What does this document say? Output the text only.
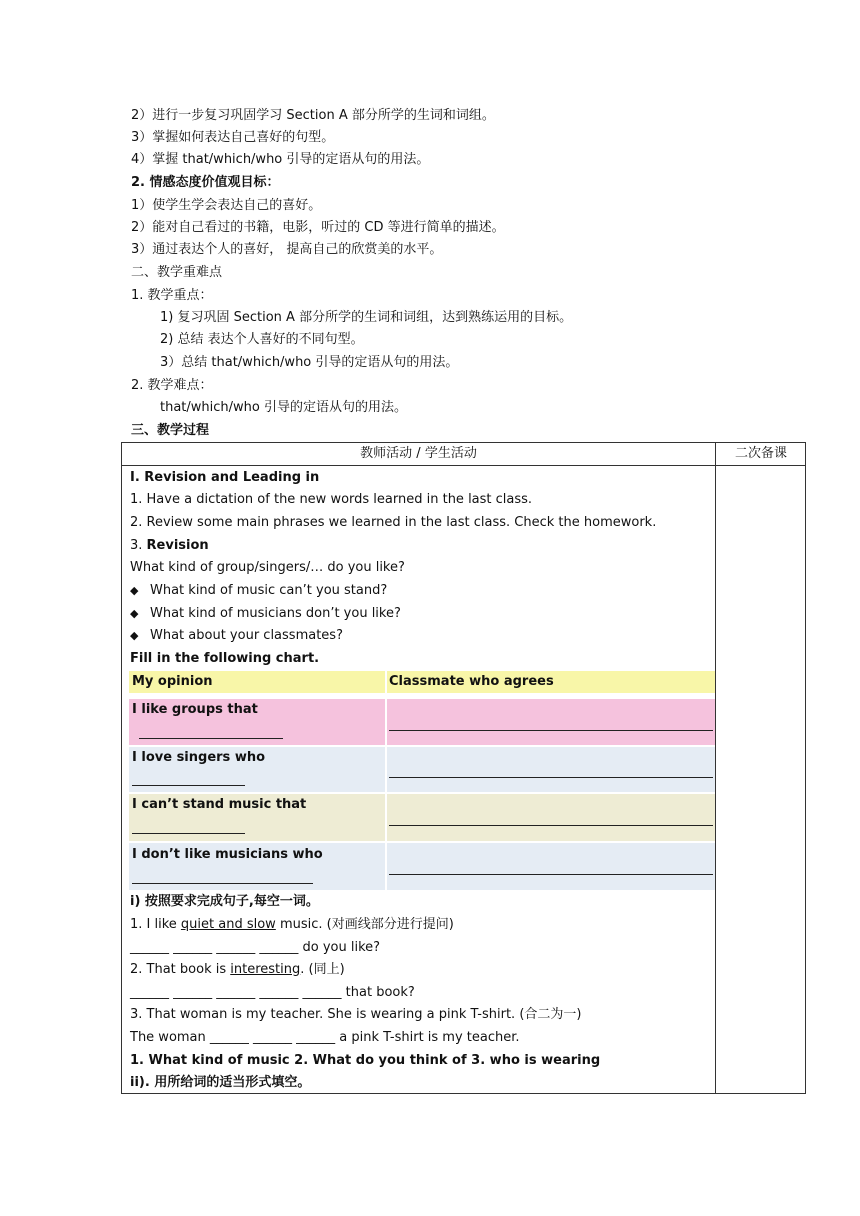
2）进行一步复习巩固学习 Section A 部分所学的生词和词组。
3）掌握如何表达自己喜好的句型。
4）掌握 that/which/who 引导的定语从句的用法。
2. 情感态度价值观目标：
1）使学生学会表达自己的喜好。
2）能对自己看过的书籍，电影，听过的 CD 等进行简单的描述。
3）通过表达个人的喜好， 提高自己的欣赏美的水平。
二、教学重难点
1. 教学重点：
1) 复习巩固 Section A 部分所学的生词和词组，达到熟练运用的目标。
2) 总结 表达个人喜好的不同句型。
3）总结 that/which/who 引导的定语从句的用法。
2. 教学难点：
that/which/who 引导的定语从句的用法。
三、教学过程
教师活动 / 学生活动	二次备课
I. Revision and Leading in
1. Have a dictation of the new words learned in the last class.
2. Review some main phrases we learned in the last class. Check the homework.
3. Revision
What kind of group/singers/… do you like?
◆ What kind of music can’t you stand?
◆ What kind of musicians don’t you like?
◆ What about your classmates?
Fill in the following chart.
My opinion	Classmate who agrees
I like groups that
I love singers who
I can’t stand music that
I don’t like musicians who
i) 按照要求完成句子,每空一词。
1. I like quiet and slow music. (对画线部分进行提问)
______ ______ ______ ______ do you like?
2. That book is interesting. (同上)
______ ______ ______ ______ ______ that book?
3. That woman is my teacher. She is wearing a pink T-shirt. (合二为一)
The woman ______ ______ ______ a pink T-shirt is my teacher.
1. What kind of music 2. What do you think of 3. who is wearing
ii). 用所给词的适当形式填空。
